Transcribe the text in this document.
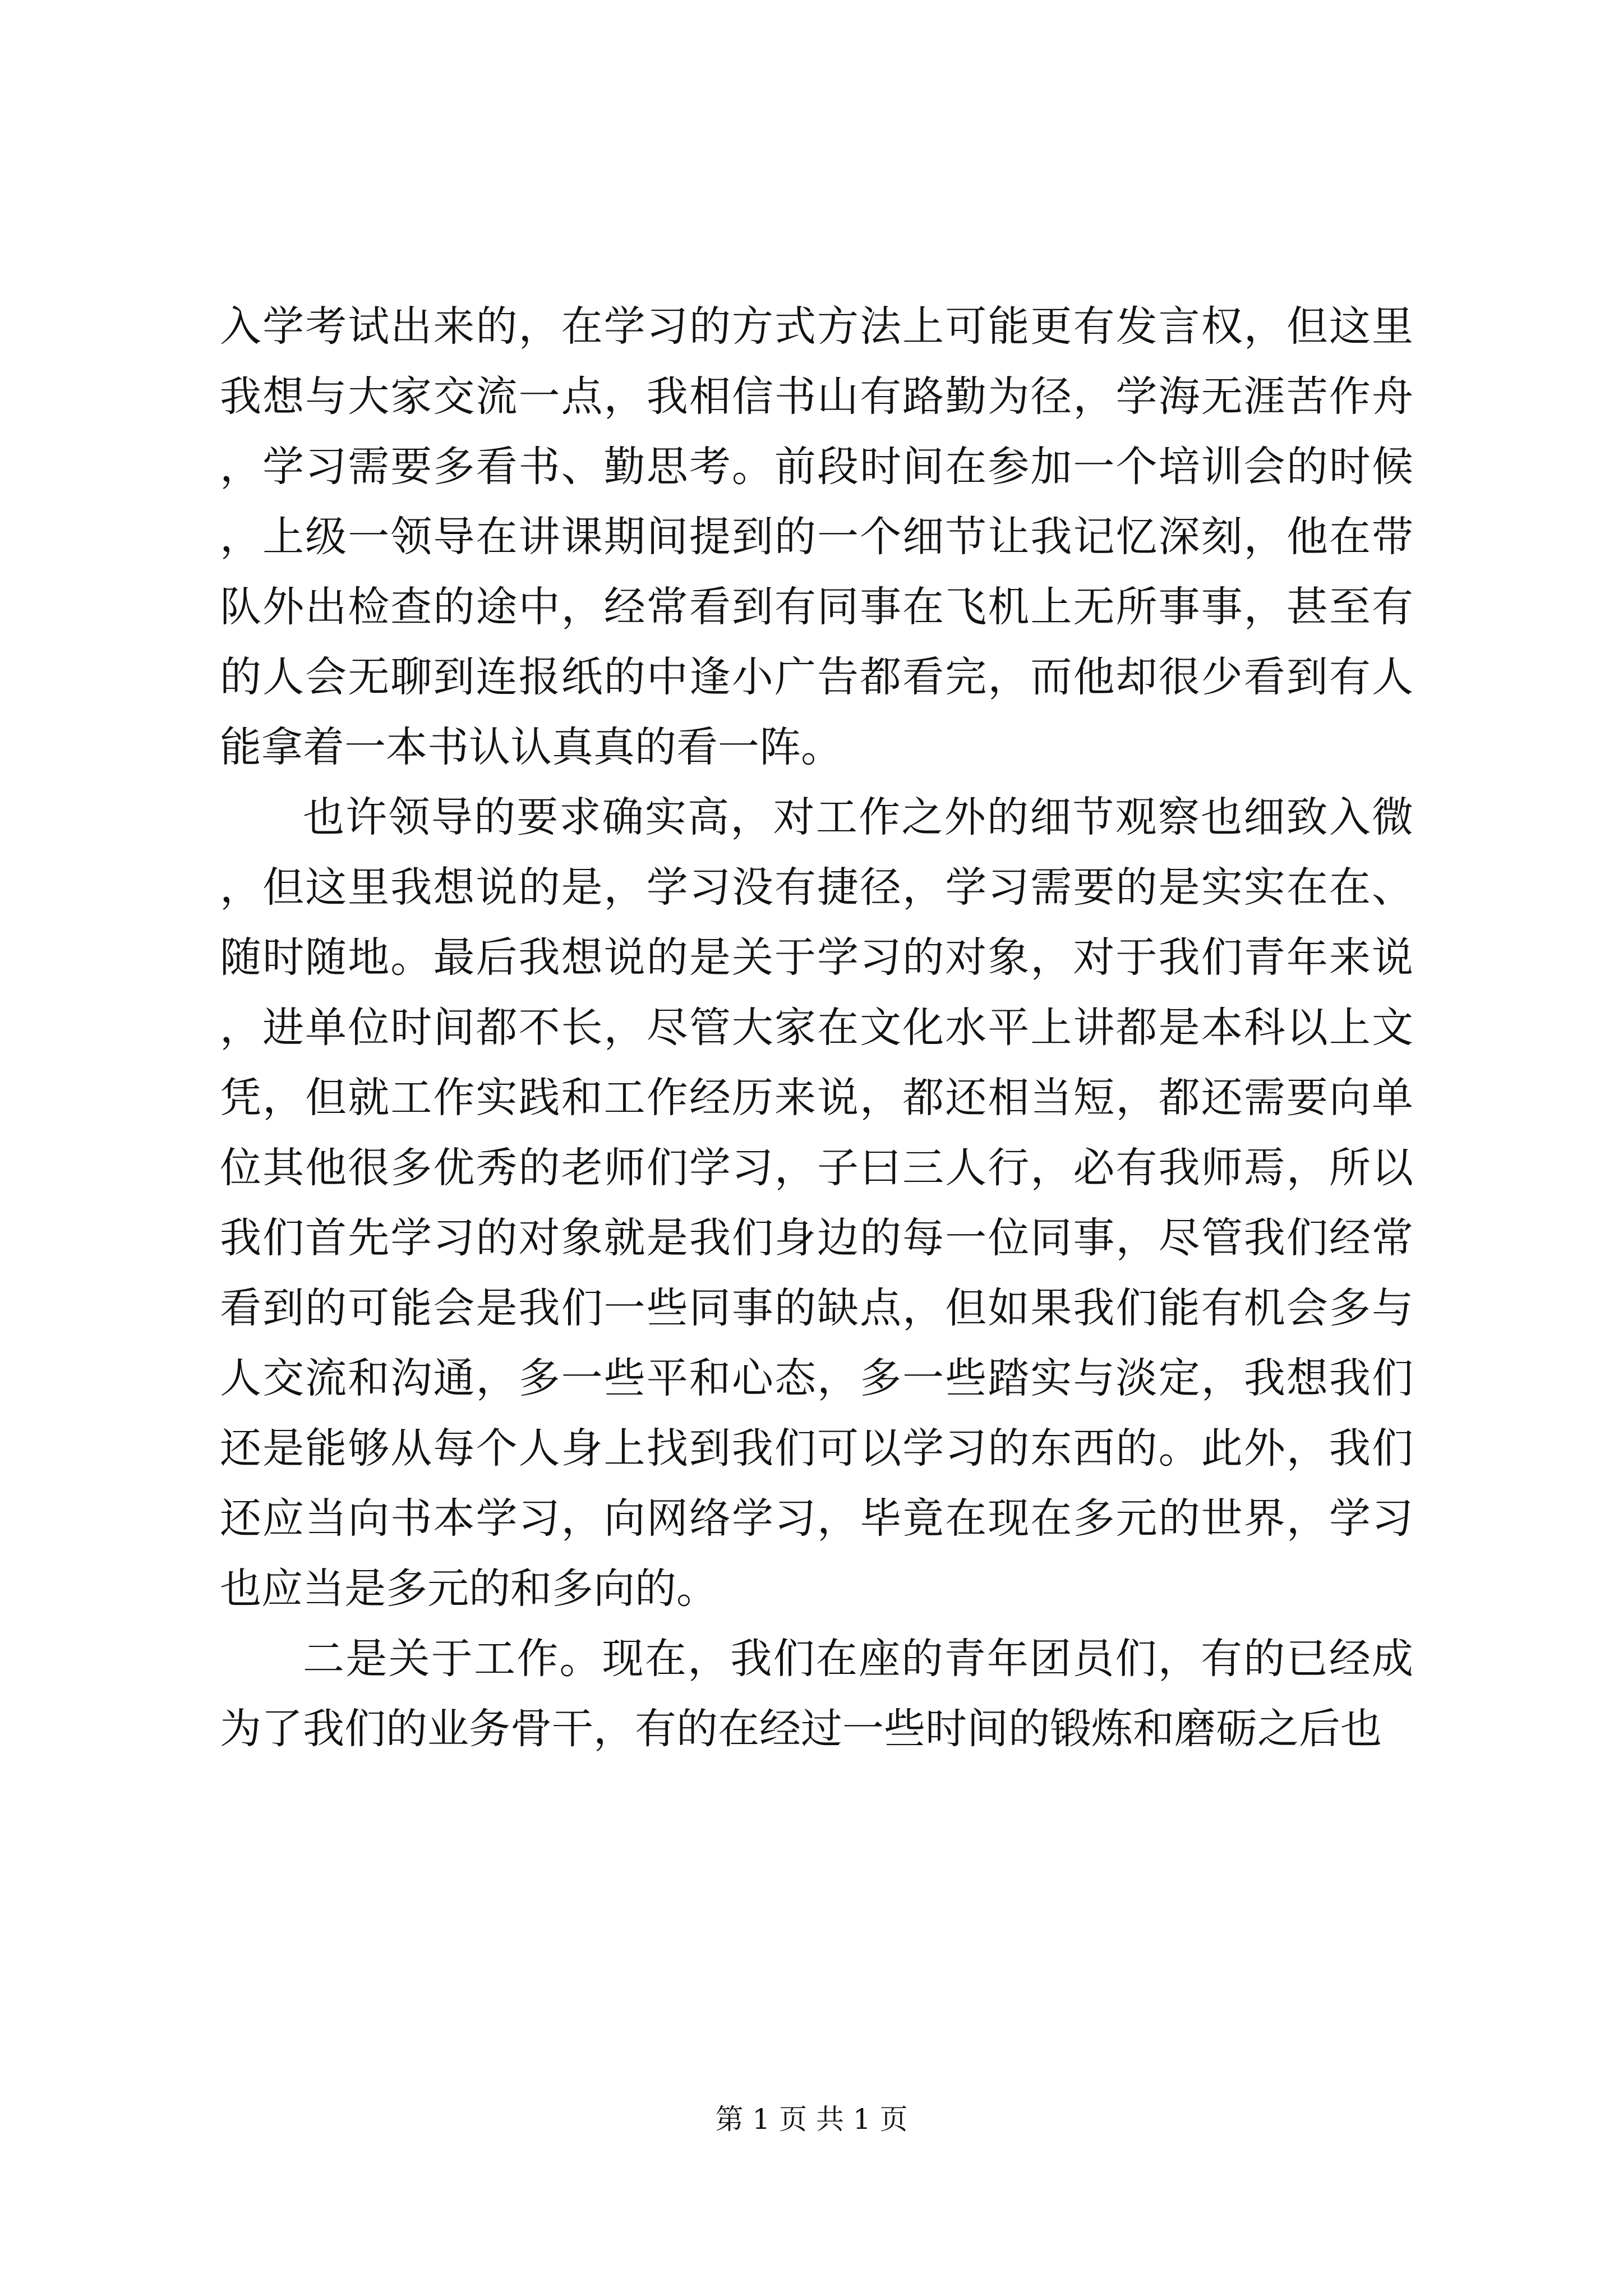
入学考试出来的，在学习的方式方法上可能更有发言权，但这里我想与大家交流一点，我相信书山有路勤为径，学海无涯苦作舟，学习需要多看书、勤思考。前段时间在参加一个培训会的时候，上级一领导在讲课期间提到的一个细节让我记忆深刻，他在带队外出检查的途中，经常看到有同事在飞机上无所事事，甚至有的人会无聊到连报纸的中逢小广告都看完，而他却很少看到有人能拿着一本书认认真真的看一阵。

也许领导的要求确实高，对工作之外的细节观察也细致入微，但这里我想说的是，学习没有捷径，学习需要的是实实在在、随时随地。最后我想说的是关于学习的对象，对于我们青年来说，进单位时间都不长，尽管大家在文化水平上讲都是本科以上文凭，但就工作实践和工作经历来说，都还相当短，都还需要向单位其他很多优秀的老师们学习，子曰三人行，必有我师焉，所以我们首先学习的对象就是我们身边的每一位同事，尽管我们经常看到的可能会是我们一些同事的缺点，但如果我们能有机会多与人交流和沟通，多一些平和心态，多一些踏实与淡定，我想我们还是能够从每个人身上找到我们可以学习的东西的。此外，我们还应当向书本学习，向网络学习，毕竟在现在多元的世界，学习也应当是多元的和多向的。

二是关于工作。现在，我们在座的青年团员们，有的已经成为了我们的业务骨干，有的在经过一些时间的锻炼和磨砺之后也

第 1 页 共 1 页
